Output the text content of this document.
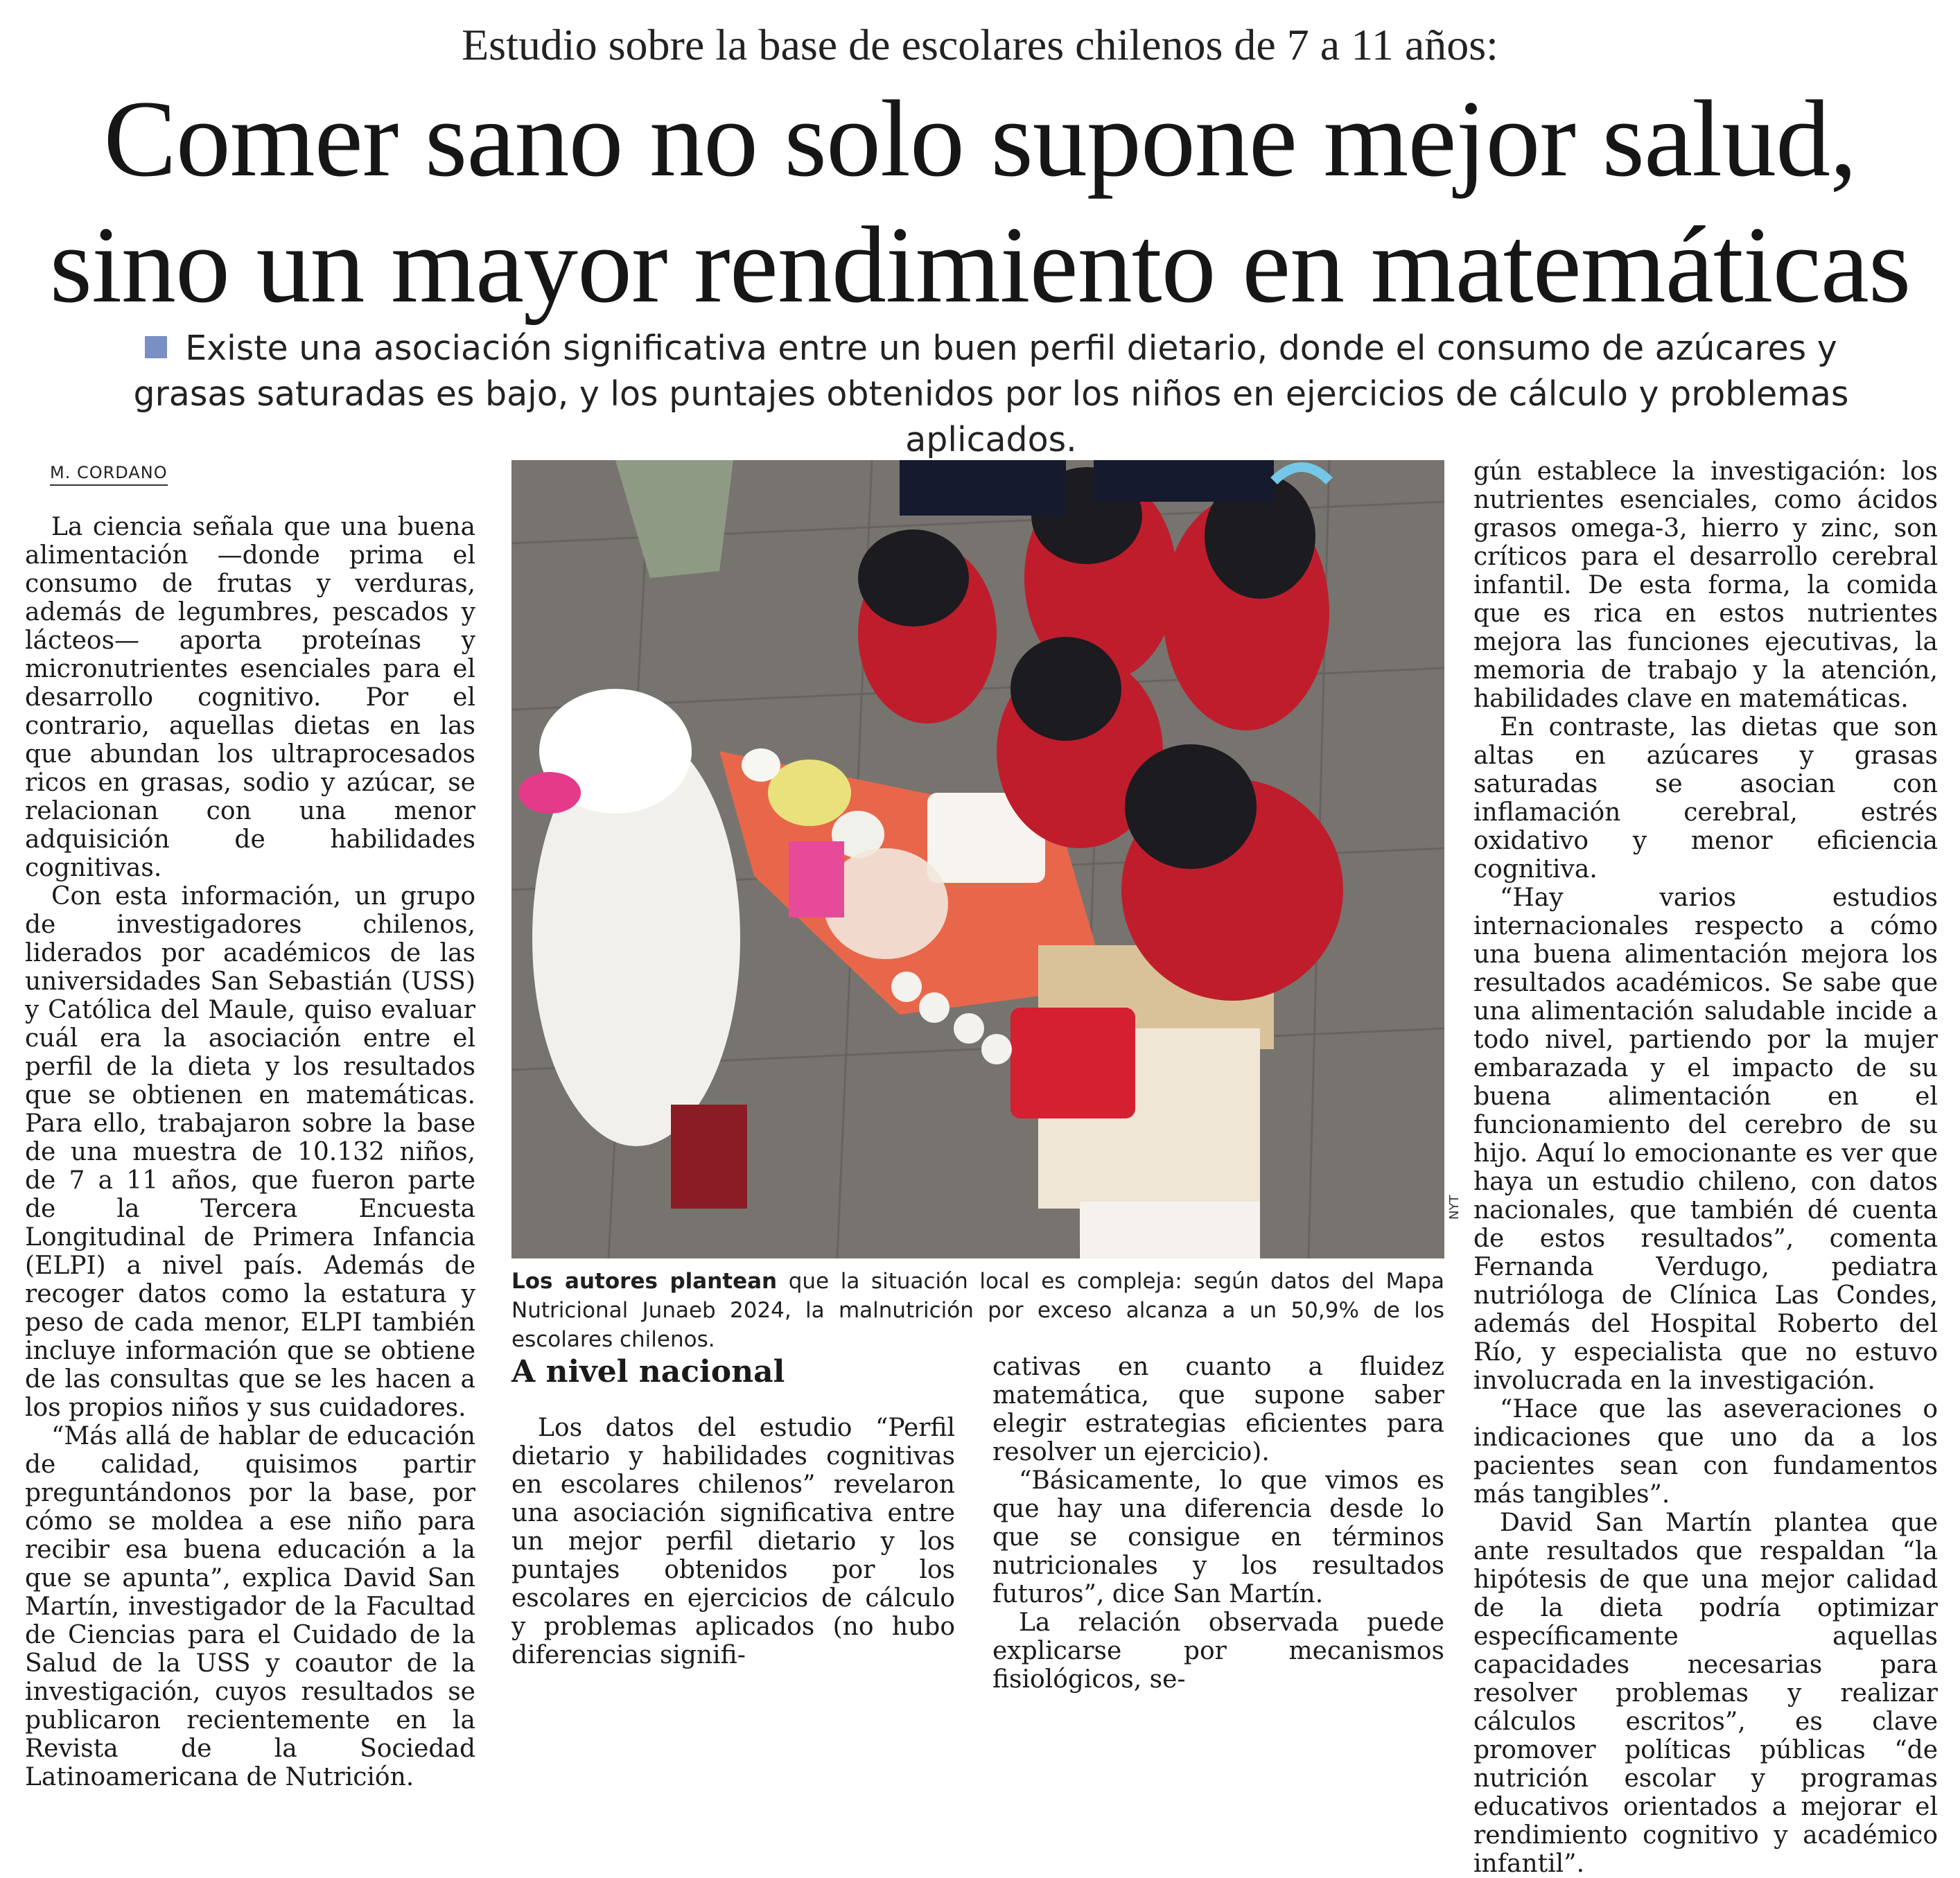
Estudio sobre la base de escolares chilenos de 7 a 11 años:
Comer sano no solo supone mejor salud,
sino un mayor rendimiento en matemáticas
Existe una asociación significativa entre un buen perfil dietario, donde el consumo de azúcares y grasas saturadas es bajo, y los puntajes obtenidos por los niños en ejercicios de cálculo y problemas aplicados.
M. CORDANO

La ciencia señala que una buena alimentación —donde prima el consumo de frutas y verduras, además de legumbres, pescados y lácteos— aporta proteínas y micronutrientes esenciales para el desarrollo cognitivo. Por el contrario, aquellas dietas en las que abundan los ultraprocesados ricos en grasas, sodio y azúcar, se relacionan con una menor adquisición de habilidades cognitivas.

Con esta información, un grupo de investigadores chilenos, liderados por académicos de las universidades San Sebastián (USS) y Católica del Maule, quiso evaluar cuál era la asociación entre el perfil de la dieta y los resultados que se obtienen en matemáticas. Para ello, trabajaron sobre la base de una muestra de 10.132 niños, de 7 a 11 años, que fueron parte de la Tercera Encuesta Longitudinal de Primera Infancia (ELPI) a nivel país. Además de recoger datos como la estatura y peso de cada menor, ELPI también incluye información que se obtiene de las consultas que se les hacen a los propios niños y sus cuidadores.

“Más allá de hablar de educación de calidad, quisimos partir preguntándonos por la base, por cómo se moldea a ese niño para recibir esa buena educación a la que se apunta”, explica David San Martín, investigador de la Facultad de Ciencias para el Cuidado de la Salud de la USS y coautor de la investigación, cuyos resultados se publicaron recientemente en la Revista de la Sociedad Latinoamericana de Nutrición.

NYT
Los autores plantean que la situación local es compleja: según datos del Mapa Nutricional Junaeb 2024, la malnutrición por exceso alcanza a un 50,9% de los escolares chilenos.
A nivel nacional

Los datos del estudio “Perfil dietario y habilidades cognitivas en escolares chilenos” revelaron una asociación significativa entre un mejor perfil dietario y los puntajes obtenidos por los escolares en ejercicios de cálculo y problemas aplicados (no hubo diferencias signifi-

cativas en cuanto a fluidez matemática, que supone saber elegir estrategias eficientes para resolver un ejercicio).

“Básicamente, lo que vimos es que hay una diferencia desde lo que se consigue en términos nutricionales y los resultados futuros”, dice San Martín.

La relación observada puede explicarse por mecanismos fisiológicos, se-

gún establece la investigación: los nutrientes esenciales, como ácidos grasos omega-3, hierro y zinc, son críticos para el desarrollo cerebral infantil. De esta forma, la comida que es rica en estos nutrientes mejora las funciones ejecutivas, la memoria de trabajo y la atención, habilidades clave en matemáticas.

En contraste, las dietas que son altas en azúcares y grasas saturadas se asocian con inflamación cerebral, estrés oxidativo y menor eficiencia cognitiva.

“Hay varios estudios internacionales respecto a cómo una buena alimentación mejora los resultados académicos. Se sabe que una alimentación saludable incide a todo nivel, partiendo por la mujer embarazada y el impacto de su buena alimentación en el funcionamiento del cerebro de su hijo. Aquí lo emocionante es ver que haya un estudio chileno, con datos nacionales, que también dé cuenta de estos resultados”, comenta Fernanda Verdugo, pediatra nutrióloga de Clínica Las Condes, además del Hospital Roberto del Río, y especialista que no estuvo involucrada en la investigación.

“Hace que las aseveraciones o indicaciones que uno da a los pacientes sean con fundamentos más tangibles”.

David San Martín plantea que ante resultados que respaldan “la hipótesis de que una mejor calidad de la dieta podría optimizar específicamente aquellas capacidades necesarias para resolver problemas y realizar cálculos escritos”, es clave promover políticas públicas “de nutrición escolar y programas educativos orientados a mejorar el rendimiento cognitivo y académico infantil”.
